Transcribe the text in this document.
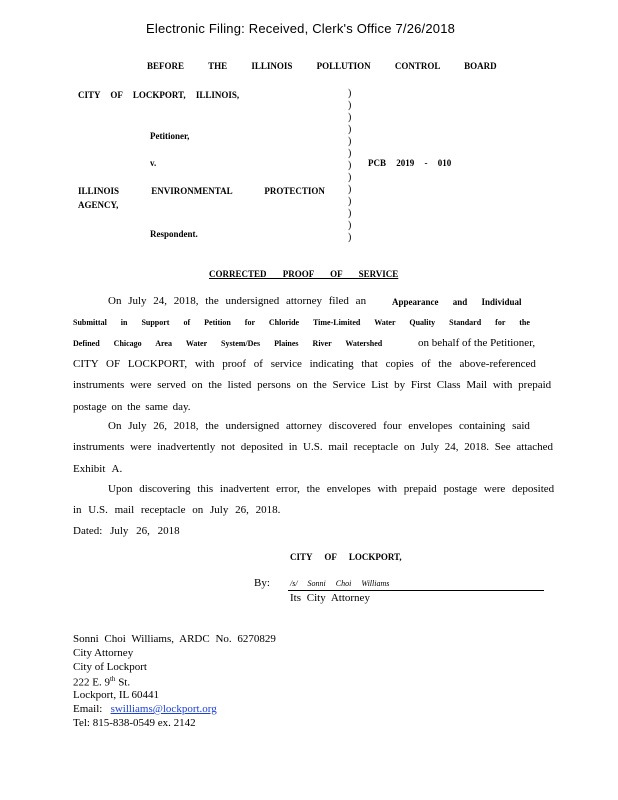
Electronic Filing: Received, Clerk's Office 7/26/2018
BEFORE THE ILLINOIS POLLUTION CONTROL BOARD
CITY OF LOCKPORT, ILLINOIS,
Petitioner,
v.
ILLINOIS ENVIRONMENTAL PROTECTION
AGENCY,
Respondent.
)
)
)
)
)
)
)
)
)
)
)
)
)
PCB 2019 - 010
CORRECTED PROOF OF SERVICE
On July 24, 2018, the undersigned attorney filed an	Appearance and Individual
Submittal in Support of Petition for Chloride Time-Limited Water Quality Standard for the
Defined Chicago Area Water System/Des Plaines River Watershed	on behalf of the Petitioner,
CITY OF LOCKPORT, with proof of service indicating that copies of the above-referenced
instruments were served on the listed persons on the Service List by First Class Mail with prepaid
postage on the same day.
On July 26, 2018, the undersigned attorney discovered four envelopes containing said
instruments were inadvertently not deposited in U.S. mail receptacle on July 24, 2018. See attached
Exhibit A.
Upon discovering this inadvertent error, the envelopes with prepaid postage were deposited
in U.S. mail receptacle on July 26, 2018.
Dated: July 26, 2018
CITY OF LOCKPORT,
By:	/s/ Sonni Choi Williams
Its City Attorney
Sonni Choi Williams, ARDC No. 6270829
City Attorney
City of Lockport
222 E. 9th St.
Lockport, IL 60441
Email: swilliams@lockport.org
Tel: 815-838-0549 ex. 2142
